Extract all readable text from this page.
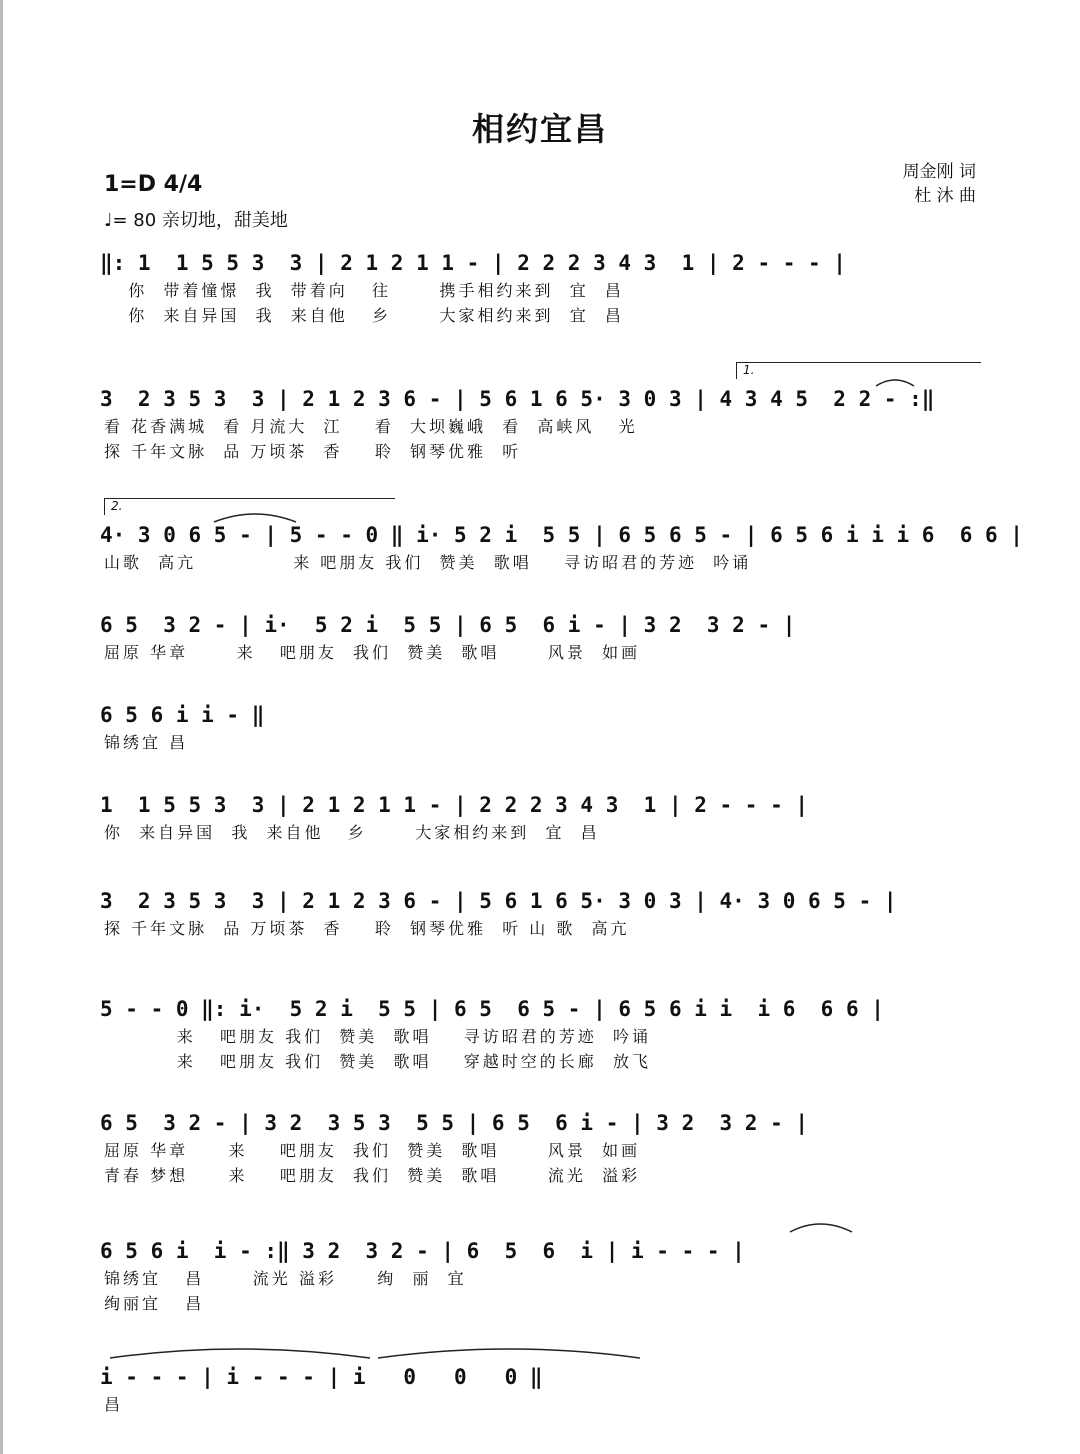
相约宜昌
1=D 4/4
♩= 80 亲切地，甜美地
周金刚 词
杜 沐 曲
1.
2.
‖: 1  1 5 5 3  3 | 2 1 2 1 1 - | 2 2 2 3 4 3  1 | 2 - - - |
你  带着憧憬  我  带着向   往      携手相约来到  宜  昌
你  来自异国  我  来自他   乡      大家相约来到  宜  昌
3  2 3 5 3  3 | 2 1 2 3 6 - | 5 6 1 6 5· 3 0 3 | 4 3 4 5  2 2 - :‖
看 花香满城  看 月流大  江    看  大坝巍峨  看  高峡风   光
探 千年文脉  品 万顷茶  香    聆  钢琴优雅  听
4· 3 0 6 5 - | 5 - - 0 ‖ i· 5 2 i  5 5 | 6 5 6 5 - | 6 5 6 i i i 6  6 6 |
山歌  高亢            来 吧朋友 我们  赞美  歌唱    寻访昭君的芳迹  吟诵
6 5  3 2 - | i·  5 2 i  5 5 | 6 5  6 i - | 3 2  3 2 - |
屈原 华章      来   吧朋友  我们  赞美  歌唱      风景  如画
6 5 6 i i - ‖
锦绣宜 昌
1  1 5 5 3  3 | 2 1 2 1 1 - | 2 2 2 3 4 3  1 | 2 - - - |
你  来自异国  我  来自他   乡      大家相约来到  宜  昌
3  2 3 5 3  3 | 2 1 2 3 6 - | 5 6 1 6 5· 3 0 3 | 4· 3 0 6 5 - |
探 千年文脉  品 万顷茶  香    聆  钢琴优雅  听 山 歌  高亢
5 - - 0 ‖: i·  5 2 i  5 5 | 6 5  6 5 - | 6 5 6 i i  i 6  6 6 |
来   吧朋友 我们  赞美  歌唱    寻访昭君的芳迹  吟诵
来   吧朋友 我们  赞美  歌唱    穿越时空的长廊  放飞
6 5  3 2 - | 3 2  3 5 3  5 5 | 6 5  6 i - | 3 2  3 2 - |
屈原 华章     来    吧朋友  我们  赞美  歌唱      风景  如画
青春 梦想     来    吧朋友  我们  赞美  歌唱      流光  溢彩
6 5 6 i  i - :‖ 3 2  3 2 - | 6  5  6  i | i - - - |
锦绣宜   昌      流光 溢彩     绚  丽  宜
绚丽宜   昌
i - - - | i - - - | i   0   0   0 ‖
昌
